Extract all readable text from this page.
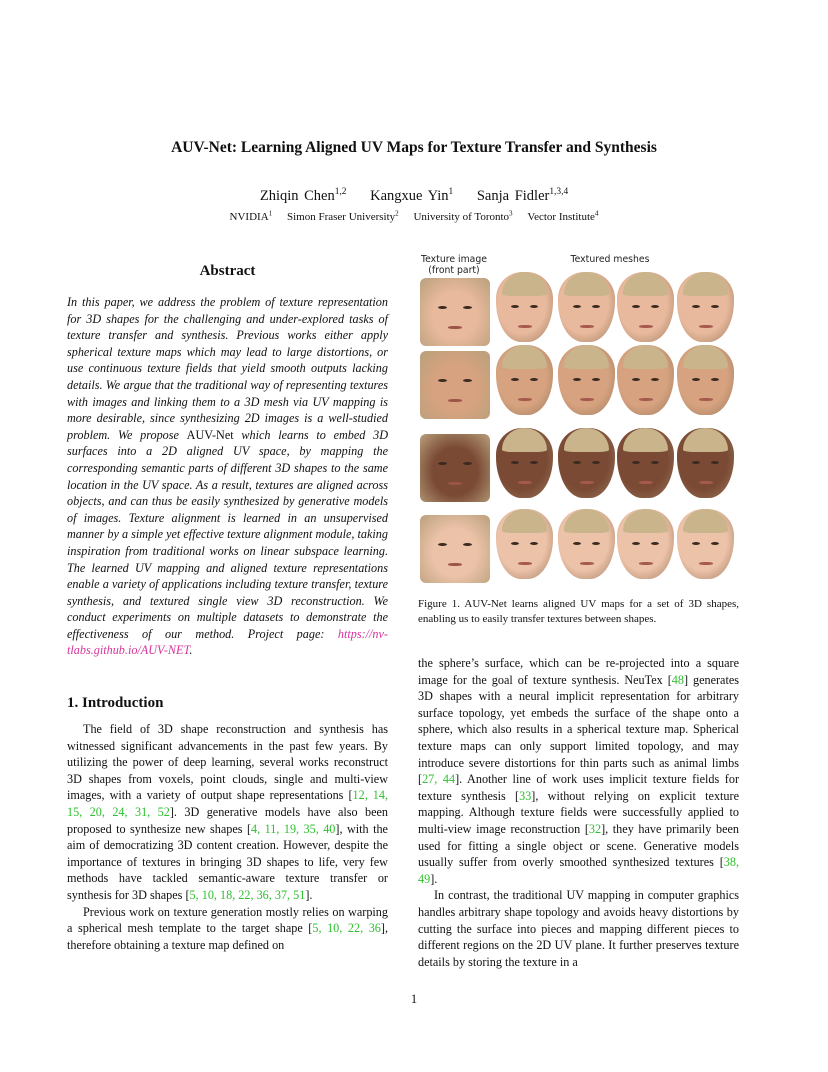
AUV-Net: Learning Aligned UV Maps for Texture Transfer and Synthesis
Zhiqin Chen$^{1,2}$ Kangxue Yin$^1$ Sanja Fidler$^{1,3,4}$
NVIDIA$^1$ Simon Fraser University$^2$ University of Toronto$^3$ Vector Institute$^4$
Abstract
In this paper, we address the problem of texture representation for 3D shapes for the challenging and under-explored tasks of texture transfer and synthesis. Previous works either apply spherical texture maps which may lead to large distortions, or use continuous texture fields that yield smooth outputs lacking details. We argue that the traditional way of representing textures with images and linking them to a 3D mesh via UV mapping is more desirable, since synthesizing 2D images is a well-studied problem. We propose AUV-Net which learns to embed 3D surfaces into a 2D aligned UV space, by mapping the corresponding semantic parts of different 3D shapes to the same location in the UV space. As a result, textures are aligned across objects, and can thus be easily synthesized by generative models of images. Texture alignment is learned in an unsupervised manner by a simple yet effective texture alignment module, taking inspiration from traditional works on linear subspace learning. The learned UV mapping and aligned texture representations enable a variety of applications including texture transfer, texture synthesis, and textured single view 3D reconstruction. We conduct experiments on multiple datasets to demonstrate the effectiveness of our method. Project page: https://nv-tlabs.github.io/AUV-NET.
1. Introduction

The field of 3D shape reconstruction and synthesis has witnessed significant advancements in the past few years. By utilizing the power of deep learning, several works reconstruct 3D shapes from voxels, point clouds, single and multi-view images, with a variety of output shape representations [12, 14, 15, 20, 24, 31, 52]. 3D generative models have also been proposed to synthesize new shapes [4, 11, 19, 35, 40], with the aim of democratizing 3D content creation. However, despite the importance of textures in bringing 3D shapes to life, very few methods have tackled semantic-aware texture transfer or synthesis for 3D shapes [5, 10, 18, 22, 36, 37, 51].

Previous work on texture generation mostly relies on warping a spherical mesh template to the target shape [5, 10, 22, 36], therefore obtaining a texture map defined on

Texture image (front part)
Textured meshes
Figure 1. AUV-Net learns aligned UV maps for a set of 3D shapes, enabling us to easily transfer textures between shapes.

the sphere’s surface, which can be re-projected into a square image for the goal of texture synthesis. NeuTex [48] generates 3D shapes with a neural implicit representation for arbitrary surface topology, yet embeds the surface of the shape onto a sphere, which also results in a spherical texture map. Spherical texture maps can only support limited topology, and may introduce severe distortions for thin parts such as animal limbs [27, 44]. Another line of work uses implicit texture fields for texture synthesis [33], without relying on explicit texture mapping. Although texture fields were successfully applied to multi-view image reconstruction [32], they have primarily been used for fitting a single object or scene. Generative models usually suffer from overly smoothed synthesized textures [38, 49].

In contrast, the traditional UV mapping in computer graphics handles arbitrary shape topology and avoids heavy distortions by cutting the surface into pieces and mapping different pieces to different regions on the 2D UV plane. It further preserves texture details by storing the texture in a

1
